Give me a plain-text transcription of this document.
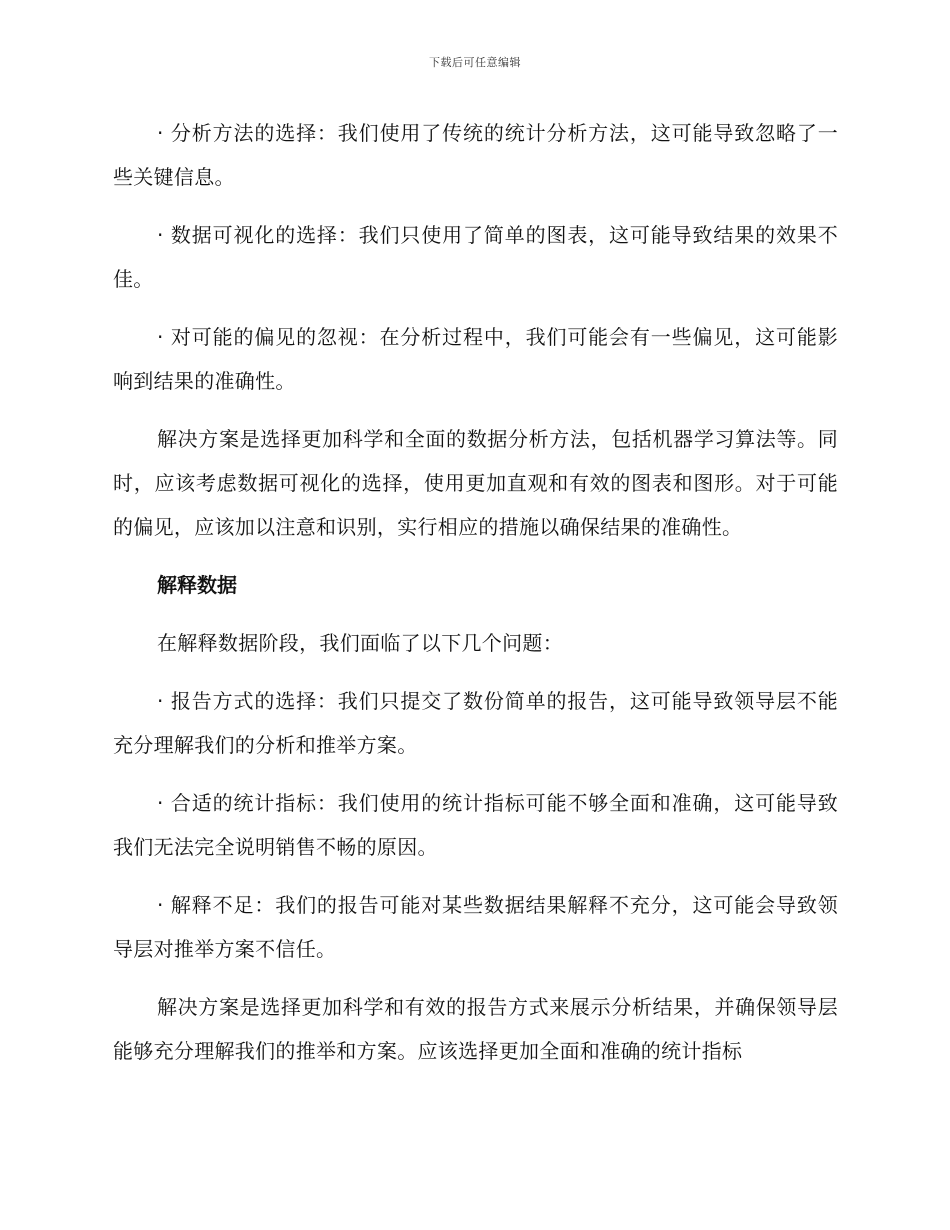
下载后可任意编辑

· 分析方法的选择：我们使用了传统的统计分析方法，这可能导致忽略了一些关键信息。

· 数据可视化的选择：我们只使用了简单的图表，这可能导致结果的效果不佳。

· 对可能的偏见的忽视：在分析过程中，我们可能会有一些偏见，这可能影响到结果的准确性。

解决方案是选择更加科学和全面的数据分析方法，包括机器学习算法等。同时，应该考虑数据可视化的选择，使用更加直观和有效的图表和图形。对于可能的偏见，应该加以注意和识别，实行相应的措施以确保结果的准确性。

解释数据

在解释数据阶段，我们面临了以下几个问题：

· 报告方式的选择：我们只提交了数份简单的报告，这可能导致领导层不能充分理解我们的分析和推举方案。

· 合适的统计指标：我们使用的统计指标可能不够全面和准确，这可能导致我们无法完全说明销售不畅的原因。

· 解释不足：我们的报告可能对某些数据结果解释不充分，这可能会导致领导层对推举方案不信任。

解决方案是选择更加科学和有效的报告方式来展示分析结果，并确保领导层能够充分理解我们的推举和方案。应该选择更加全面和准确的统计指标
